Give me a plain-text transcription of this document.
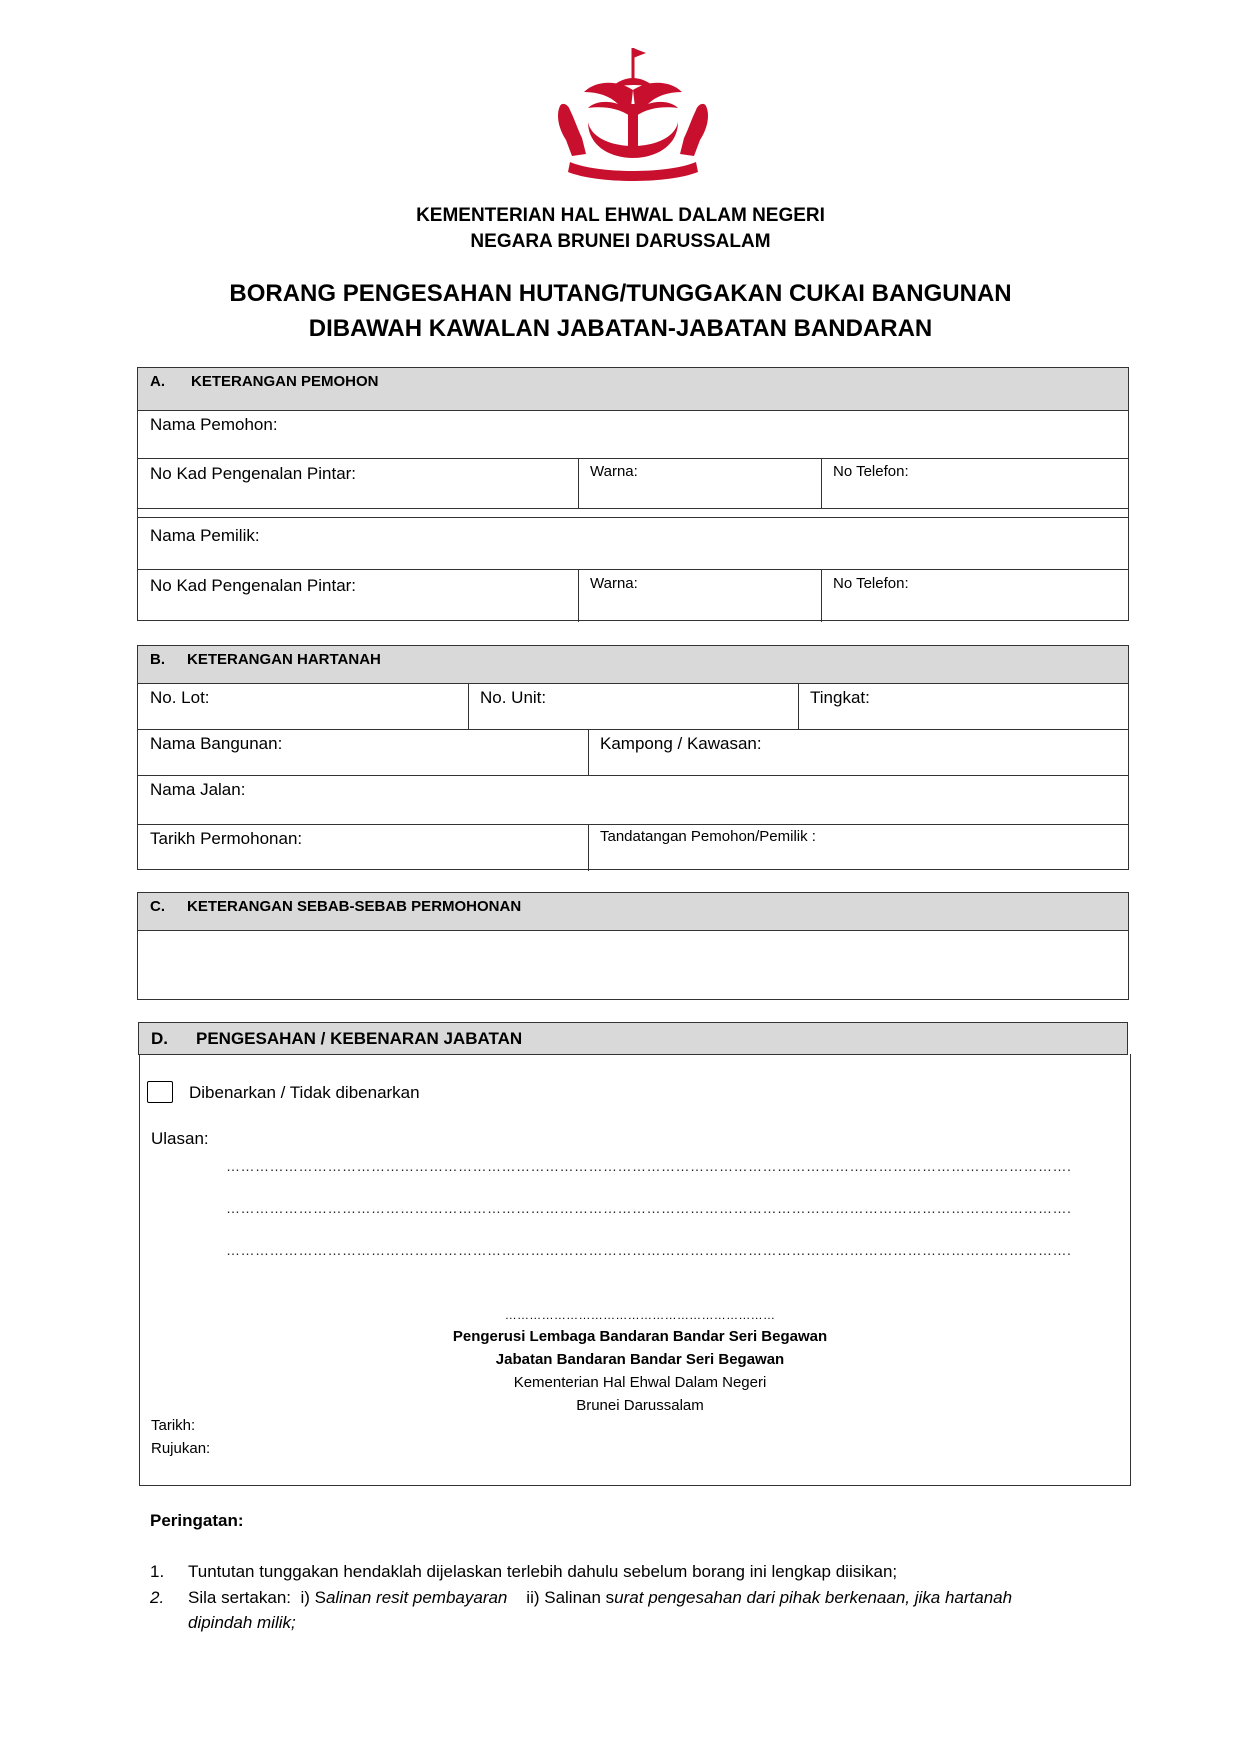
KEMENTERIAN HAL EHWAL DALAM NEGERI
NEGARA BRUNEI DARUSSALAM
BORANG PENGESAHAN HUTANG/TUNGGAKAN CUKAI BANGUNAN
DIBAWAH KAWALAN JABATAN-JABATAN BANDARAN
A. KETERANGAN PEMOHON
Nama Pemohon:
No Kad Pengenalan Pintar:	Warna:	No Telefon:
Nama Pemilik:
No Kad Pengenalan Pintar:	Warna:	No Telefon:
B. KETERANGAN HARTANAH
No. Lot:	No. Unit:	Tingkat:
Nama Bangunan:	Kampong / Kawasan:
Nama Jalan:
Tarikh Permohonan:	Tandatangan Pemohon/Pemilik :
C. KETERANGAN SEBAB-SEBAB PERMOHONAN
D. PENGESAHAN / KEBENARAN JABATAN
Dibenarkan / Tidak dibenarkan
Ulasan:
………………………………………………………………………………………………………………………………………………………….
………………………………………………………………………………………………………………………………………………………….
………………………………………………………………………………………………………………………………………………………….
…………………………………………………………
Pengerusi Lembaga Bandaran Bandar Seri Begawan
Jabatan Bandaran Bandar Seri Begawan
Kementerian Hal Ehwal Dalam Negeri
Brunei Darussalam
Tarikh:
Rujukan:
Peringatan:
1. Tuntutan tunggakan hendaklah dijelaskan terlebih dahulu sebelum borang ini lengkap diisikan;
2. Sila sertakan:  i) Salinan resit pembayaran    ii) Salinan surat pengesahan dari pihak berkenaan, jika hartanah
dipindah milik;
